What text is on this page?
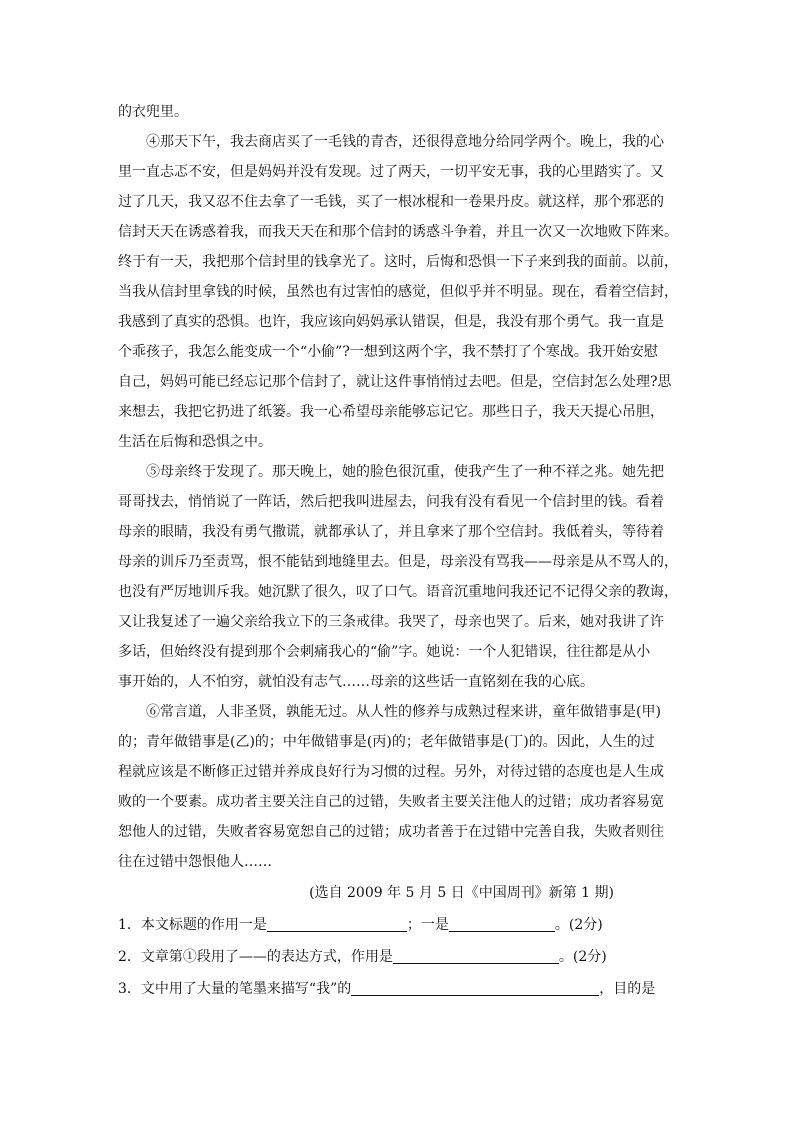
的衣兜里。
④那天下午，我去商店买了一毛钱的青杏，还很得意地分给同学两个。晚上，我的心
里一直忐忑不安，但是妈妈并没有发现。过了两天，一切平安无事，我的心里踏实了。又
过了几天，我又忍不住去拿了一毛钱，买了一根冰棍和一卷果丹皮。就这样，那个邪恶的
信封天天在诱惑着我，而我天天在和那个信封的诱惑斗争着，并且一次又一次地败下阵来。
终于有一天，我把那个信封里的钱拿光了。这时，后悔和恐惧一下子来到我的面前。以前，
当我从信封里拿钱的时候，虽然也有过害怕的感觉，但似乎并不明显。现在，看着空信封，
我感到了真实的恐惧。也许，我应该向妈妈承认错误，但是，我没有那个勇气。我一直是
个乖孩子，我怎么能变成一个“小偷”?一想到这两个字，我不禁打了个寒战。我开始安慰
自己，妈妈可能已经忘记那个信封了，就让这件事悄悄过去吧。但是，空信封怎么处理?思
来想去，我把它扔进了纸篓。我一心希望母亲能够忘记它。那些日子，我天天提心吊胆，
生活在后悔和恐惧之中。
⑤母亲终于发现了。那天晚上，她的脸色很沉重，使我产生了一种不祥之兆。她先把
哥哥找去，悄悄说了一阵话，然后把我叫进屋去，问我有没有看见一个信封里的钱。看着
母亲的眼睛，我没有勇气撒谎，就都承认了，并且拿来了那个空信封。我低着头，等待着
母亲的训斥乃至责骂，恨不能钻到地缝里去。但是，母亲没有骂我——母亲是从不骂人的，
也没有严厉地训斥我。她沉默了很久，叹了口气。语音沉重地问我还记不记得父亲的教诲，
又让我复述了一遍父亲给我立下的三条戒律。我哭了，母亲也哭了。后来，她对我讲了许
多话，但始终没有提到那个会刺痛我心的“偷”字。她说：一个人犯错误，往往都是从小
事开始的，人不怕穷，就怕没有志气……母亲的这些话一直铭刻在我的心底。
⑥常言道，人非圣贤，孰能无过。从人性的修养与成熟过程来讲，童年做错事是(甲)
的；青年做错事是(乙)的；中年做错事是(丙)的；老年做错事是(丁)的。因此，人生的过
程就应该是不断修正过错并养成良好行为习惯的过程。另外，对待过错的态度也是人生成
败的一个要素。成功者主要关注自己的过错，失败者主要关注他人的过错；成功者容易宽
恕他人的过错，失败者容易宽恕自己的过错；成功者善于在过错中完善自我，失败者则往
往在过错中怨恨他人……
(选自 2009 年 5 月 5 日《中国周刊》新第 1 期)
1．本文标题的作用一是	；一是	。(2分)
2．文章第①段用了——的表达方式，作用是	。(2分)
3．文中用了大量的笔墨来描写“我”的	，目的是
